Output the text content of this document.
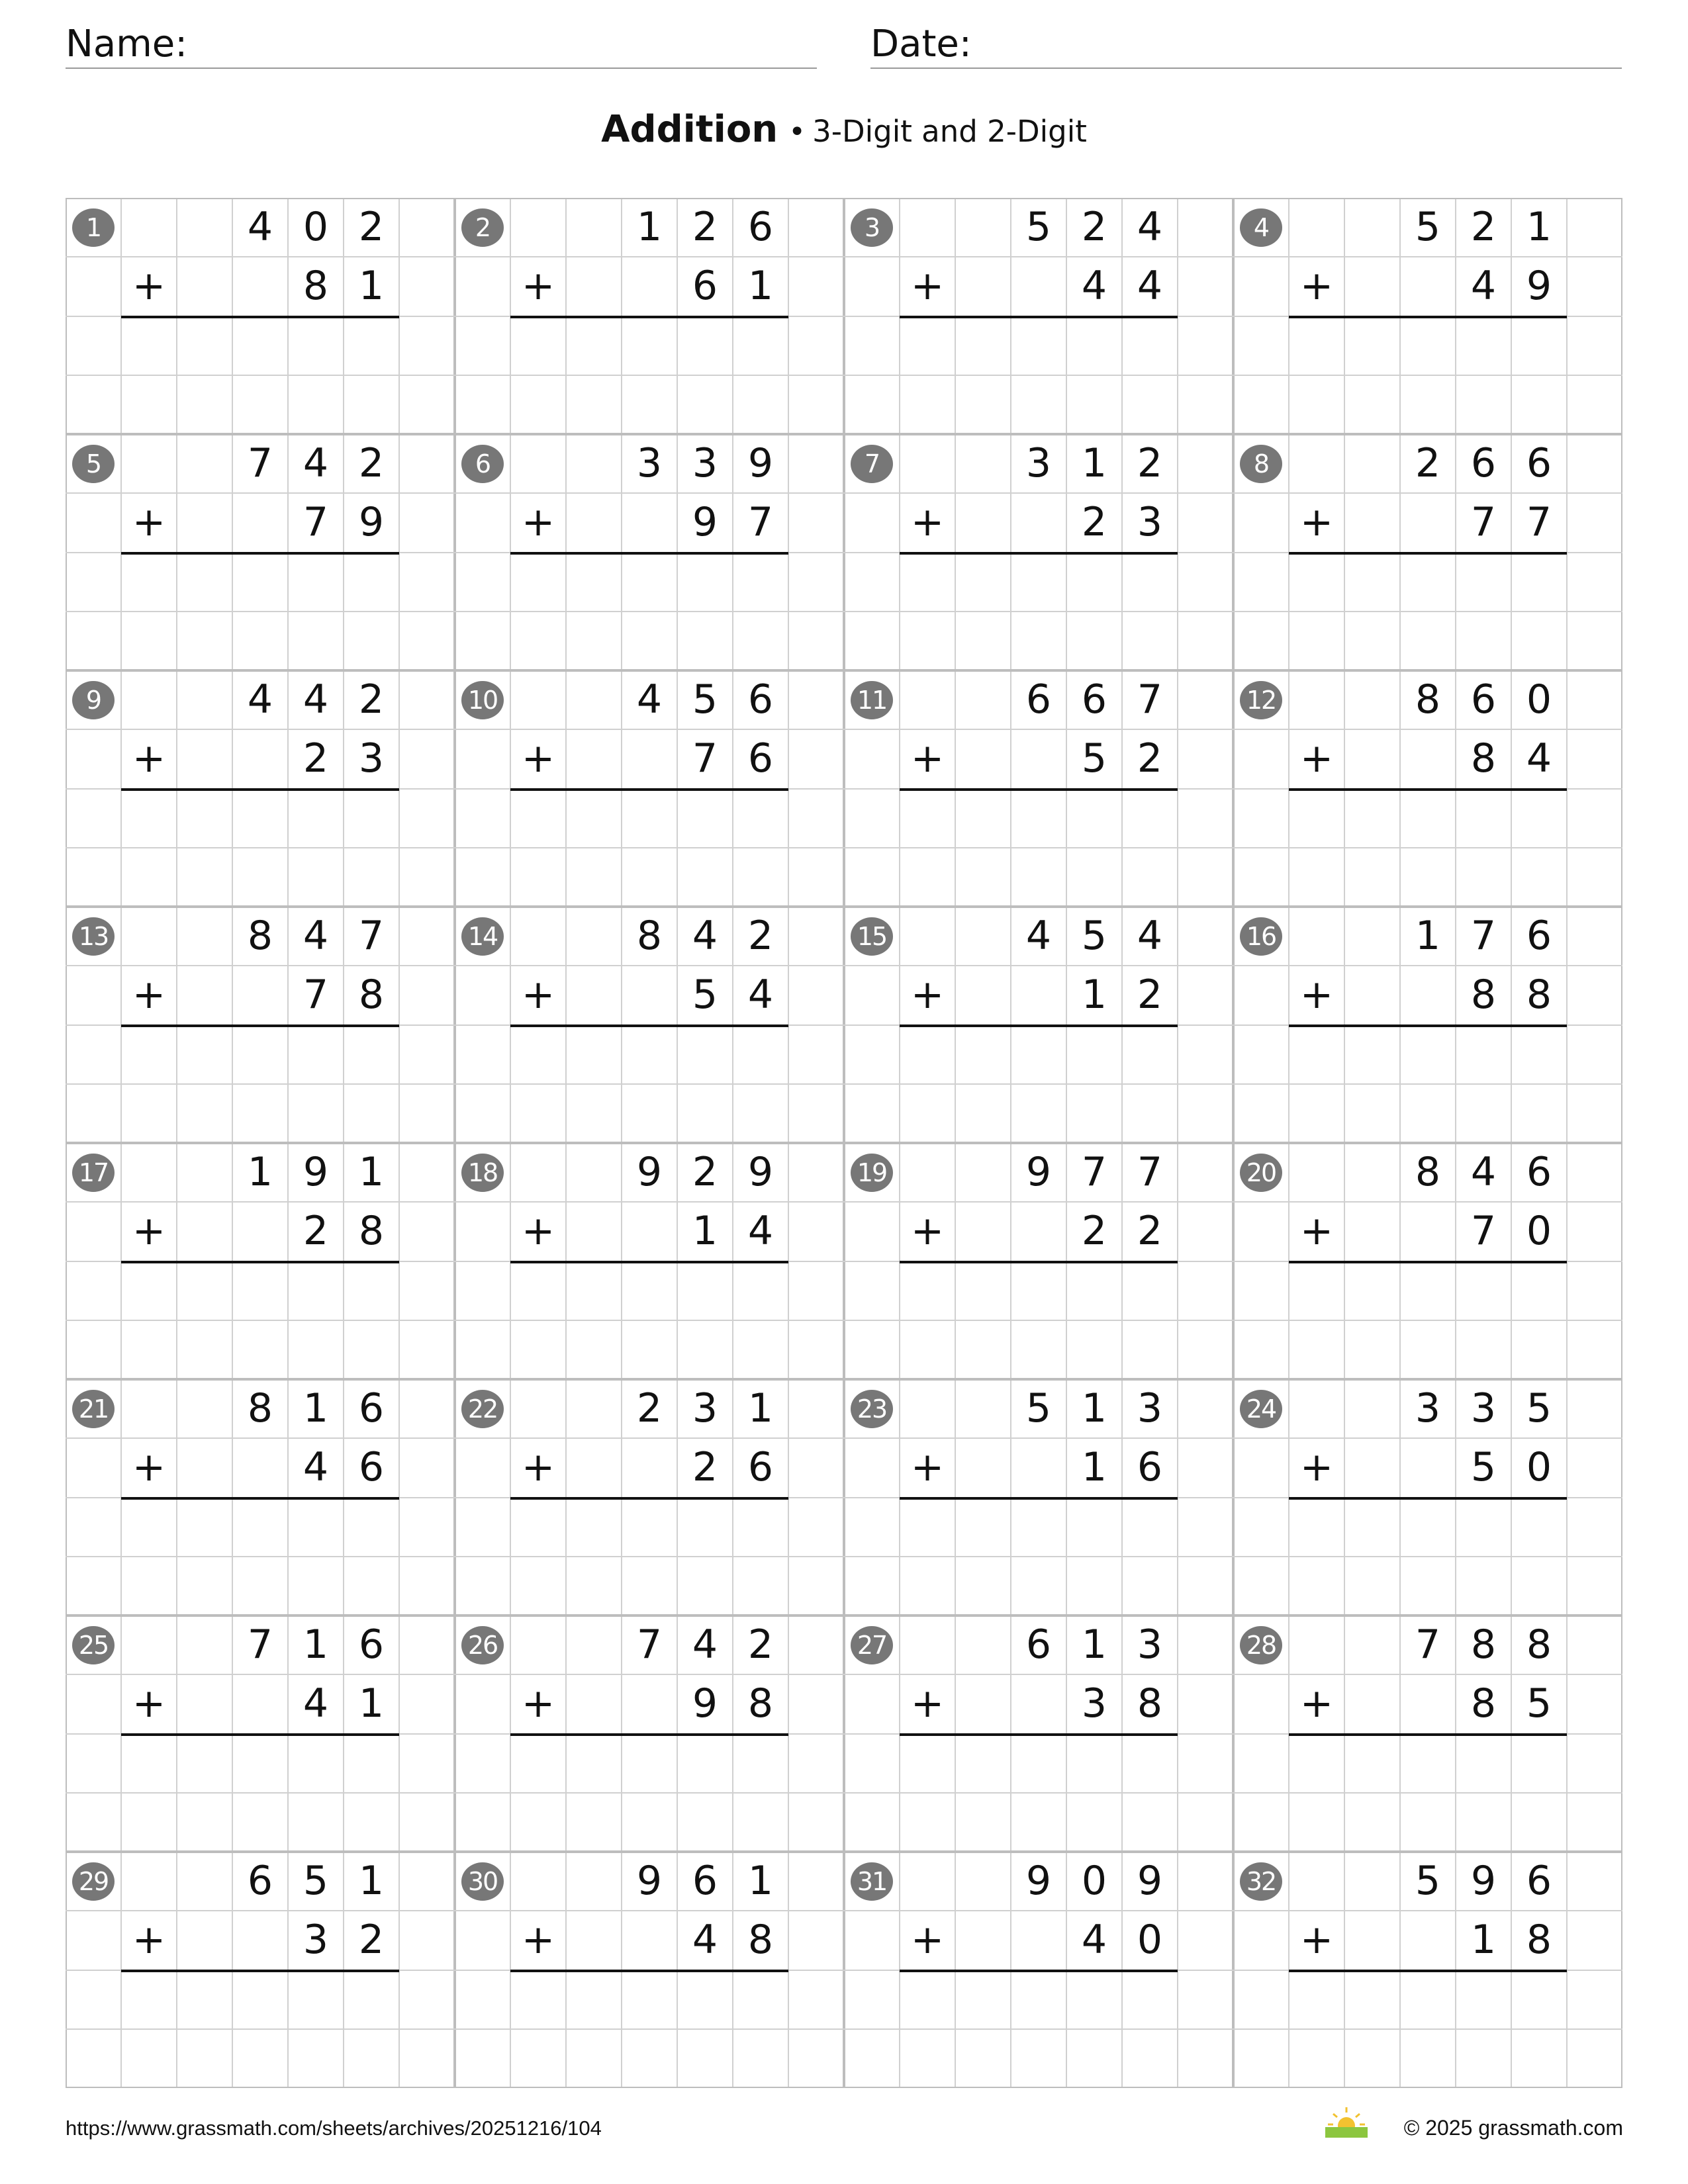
Name:	Date:
Addition • 3-Digit and 2-Digit
1	4 0 2
+	8 1
2	1 2 6
+	6 1
3	5 2 4
+	4 4
4	5 2 1
+	4 9
5	7 4 2
+	7 9
6	3 3 9
+	9 7
7	3 1 2
+	2 3
8	2 6 6
+	7 7
9	4 4 2
+	2 3
10	4 5 6
+	7 6
11	6 6 7
+	5 2
12	8 6 0
+	8 4
13	8 4 7
+	7 8
14	8 4 2
+	5 4
15	4 5 4
+	1 2
16	1 7 6
+	8 8
17	1 9 1
+	2 8
18	9 2 9
+	1 4
19	9 7 7
+	2 2
20	8 4 6
+	7 0
21	8 1 6
+	4 6
22	2 3 1
+	2 6
23	5 1 3
+	1 6
24	3 3 5
+	5 0
25	7 1 6
+	4 1
26	7 4 2
+	9 8
27	6 1 3
+	3 8
28	7 8 8
+	8 5
29	6 5 1
+	3 2
30	9 6 1
+	4 8
31	9 0 9
+	4 0
32	5 9 6
+	1 8
https://www.grassmath.com/sheets/archives/20251216/104	© 2025 grassmath.com
